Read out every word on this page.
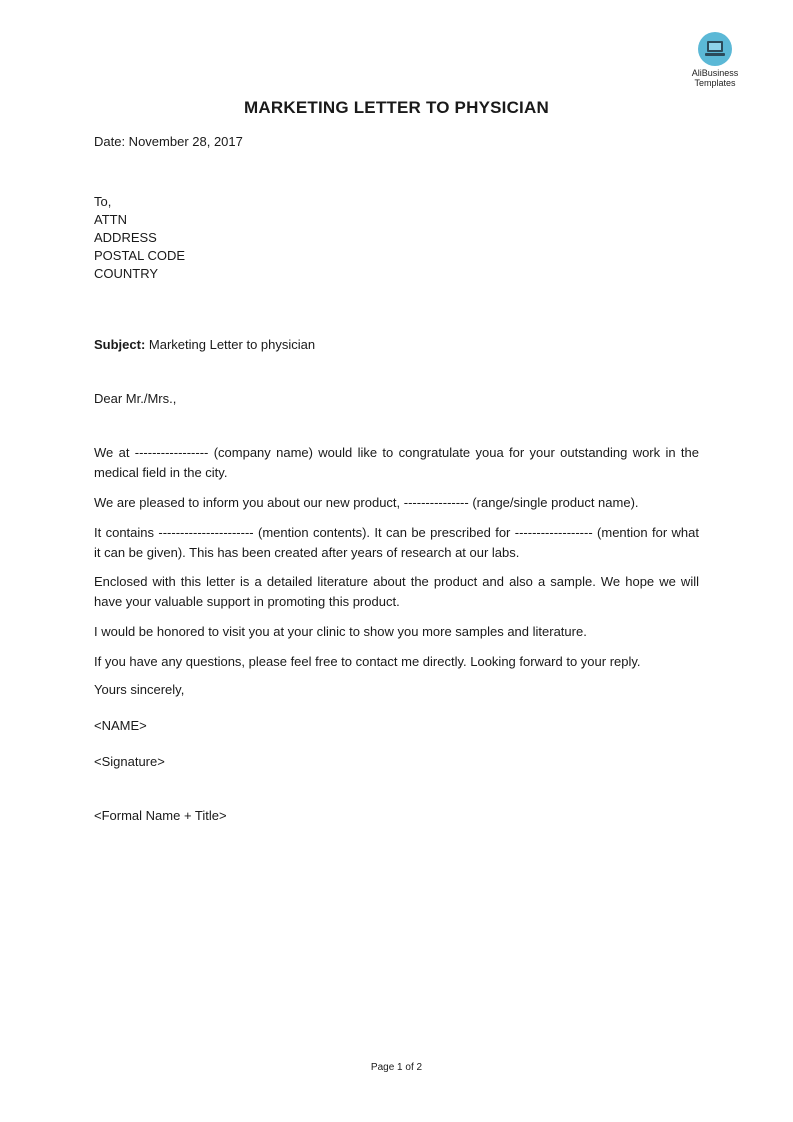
AliBusiness
Templates
MARKETING LETTER TO PHYSICIAN
Date: November 28, 2017
To,
ATTN
ADDRESS
POSTAL CODE
COUNTRY
Subject: Marketing Letter to physician
Dear Mr./Mrs.,
We at ----------------- (company name) would like to congratulate youa for your outstanding work in the medical field in the city.
We are pleased to inform you about our new product, --------------- (range/single product name).
It contains ---------------------- (mention contents). It can be prescribed for ------------------ (mention for what it can be given). This has been created after years of research at our labs.
Enclosed with this letter is a detailed literature about the product and also a sample. We hope we will have your valuable support in promoting this product.
I would be honored to visit you at your clinic to show you more samples and literature.
If you have any questions, please feel free to contact me directly. Looking forward to your reply.
Yours sincerely,
<NAME>
<Signature>
<Formal Name + Title>
Page 1 of 2
